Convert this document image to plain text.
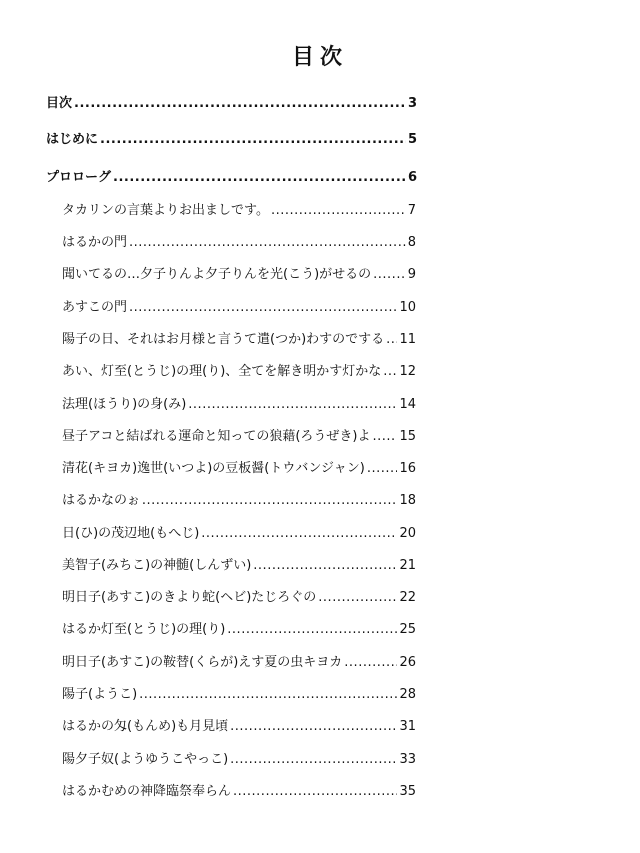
目次
目次 .....	3
はじめに .....	5
プロローグ .....	6
タカリンの言葉よりお出ましです。 .....	7
はるかの門 .....	8
聞いてるの…夕子りんよ夕子りんを光(こう)がせるの .....	9
あすこの門 .....	10
陽子の日、それはお月様と言うて遣(つか)わすのでする ..... 11
あい、灯至(とうじ)の理(り)、全てを解き明かす灯かな ..... 12
法理(ほうり)の身(み) .....	14
昼子アコと結ばれる運命と知っての狼藉(ろうぜき)よ ..... 15
清花(キヨカ)逸世(いつよ)の豆板醤(トウバンジャン) .....	16
はるかなのぉ .....	18
日(ひ)の茂辺地(もへじ) .....	20
美智子(みちこ)の神髄(しんずい) .....	21
明日子(あすこ)のきより蛇(ヘビ)たじろぐの .....	22
はるか灯至(とうじ)の理(り) .....	25
明日子(あすこ)の鞍替(くらが)えす夏の虫キヨカ .....	26
陽子(ようこ) .....	28
はるかの匁(もんめ)も月見頃 .....	31
陽夕子奴(ようゆうこやっこ) .....	33
はるかむめの神降臨祭奉らん .....	35
